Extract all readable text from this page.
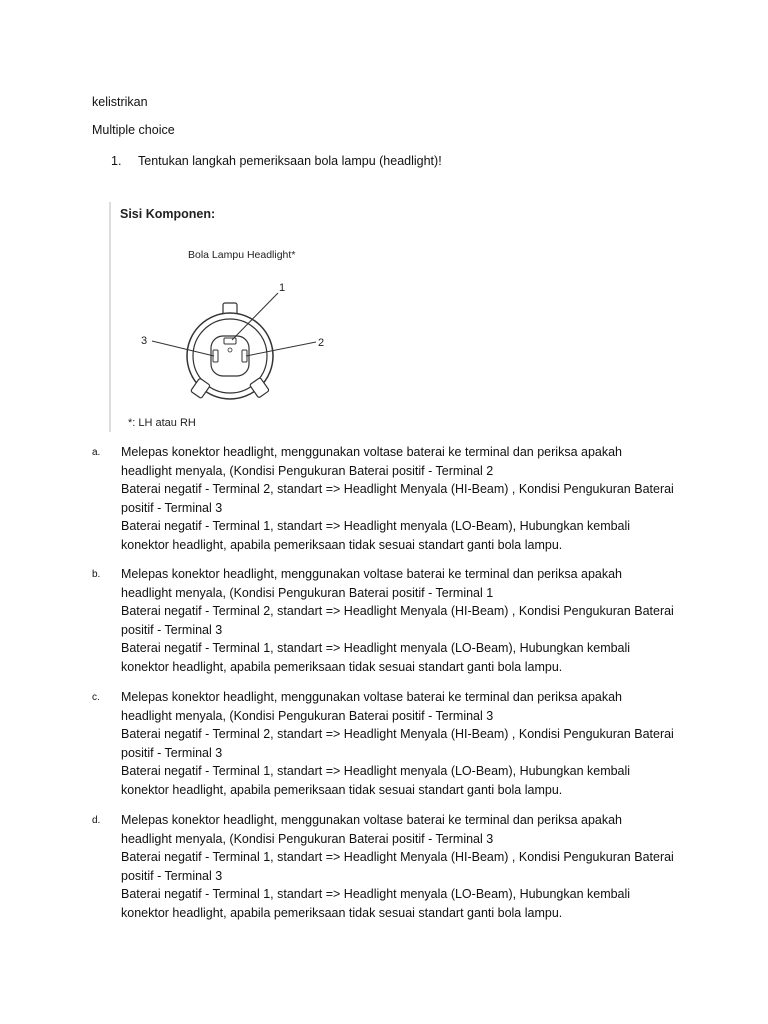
kelistrikan
Multiple choice
1. Tentukan langkah pemeriksaan bola lampu (headlight)!
Sisi Komponen:
Bola Lampu Headlight*
1
2
3
*: LH atau RH
a. Melepas konektor headlight, menggunakan voltase baterai ke terminal dan periksa apakah
headlight menyala, (Kondisi Pengukuran Baterai positif - Terminal 2
Baterai negatif - Terminal 2, standart => Headlight Menyala (HI-Beam) , Kondisi Pengukuran Baterai
positif - Terminal 3
Baterai negatif - Terminal 1, standart => Headlight menyala (LO-Beam), Hubungkan kembali
konektor headlight, apabila pemeriksaan tidak sesuai standart ganti bola lampu.
b. Melepas konektor headlight, menggunakan voltase baterai ke terminal dan periksa apakah
headlight menyala, (Kondisi Pengukuran Baterai positif - Terminal 1
Baterai negatif - Terminal 2, standart => Headlight Menyala (HI-Beam) , Kondisi Pengukuran Baterai
positif - Terminal 3
Baterai negatif - Terminal 1, standart => Headlight menyala (LO-Beam), Hubungkan kembali
konektor headlight, apabila pemeriksaan tidak sesuai standart ganti bola lampu.
c. Melepas konektor headlight, menggunakan voltase baterai ke terminal dan periksa apakah
headlight menyala, (Kondisi Pengukuran Baterai positif - Terminal 3
Baterai negatif - Terminal 2, standart => Headlight Menyala (HI-Beam) , Kondisi Pengukuran Baterai
positif - Terminal 3
Baterai negatif - Terminal 1, standart => Headlight menyala (LO-Beam), Hubungkan kembali
konektor headlight, apabila pemeriksaan tidak sesuai standart ganti bola lampu.
d. Melepas konektor headlight, menggunakan voltase baterai ke terminal dan periksa apakah
headlight menyala, (Kondisi Pengukuran Baterai positif - Terminal 3
Baterai negatif - Terminal 1, standart => Headlight Menyala (HI-Beam) , Kondisi Pengukuran Baterai
positif - Terminal 3
Baterai negatif - Terminal 1, standart => Headlight menyala (LO-Beam), Hubungkan kembali
konektor headlight, apabila pemeriksaan tidak sesuai standart ganti bola lampu.
